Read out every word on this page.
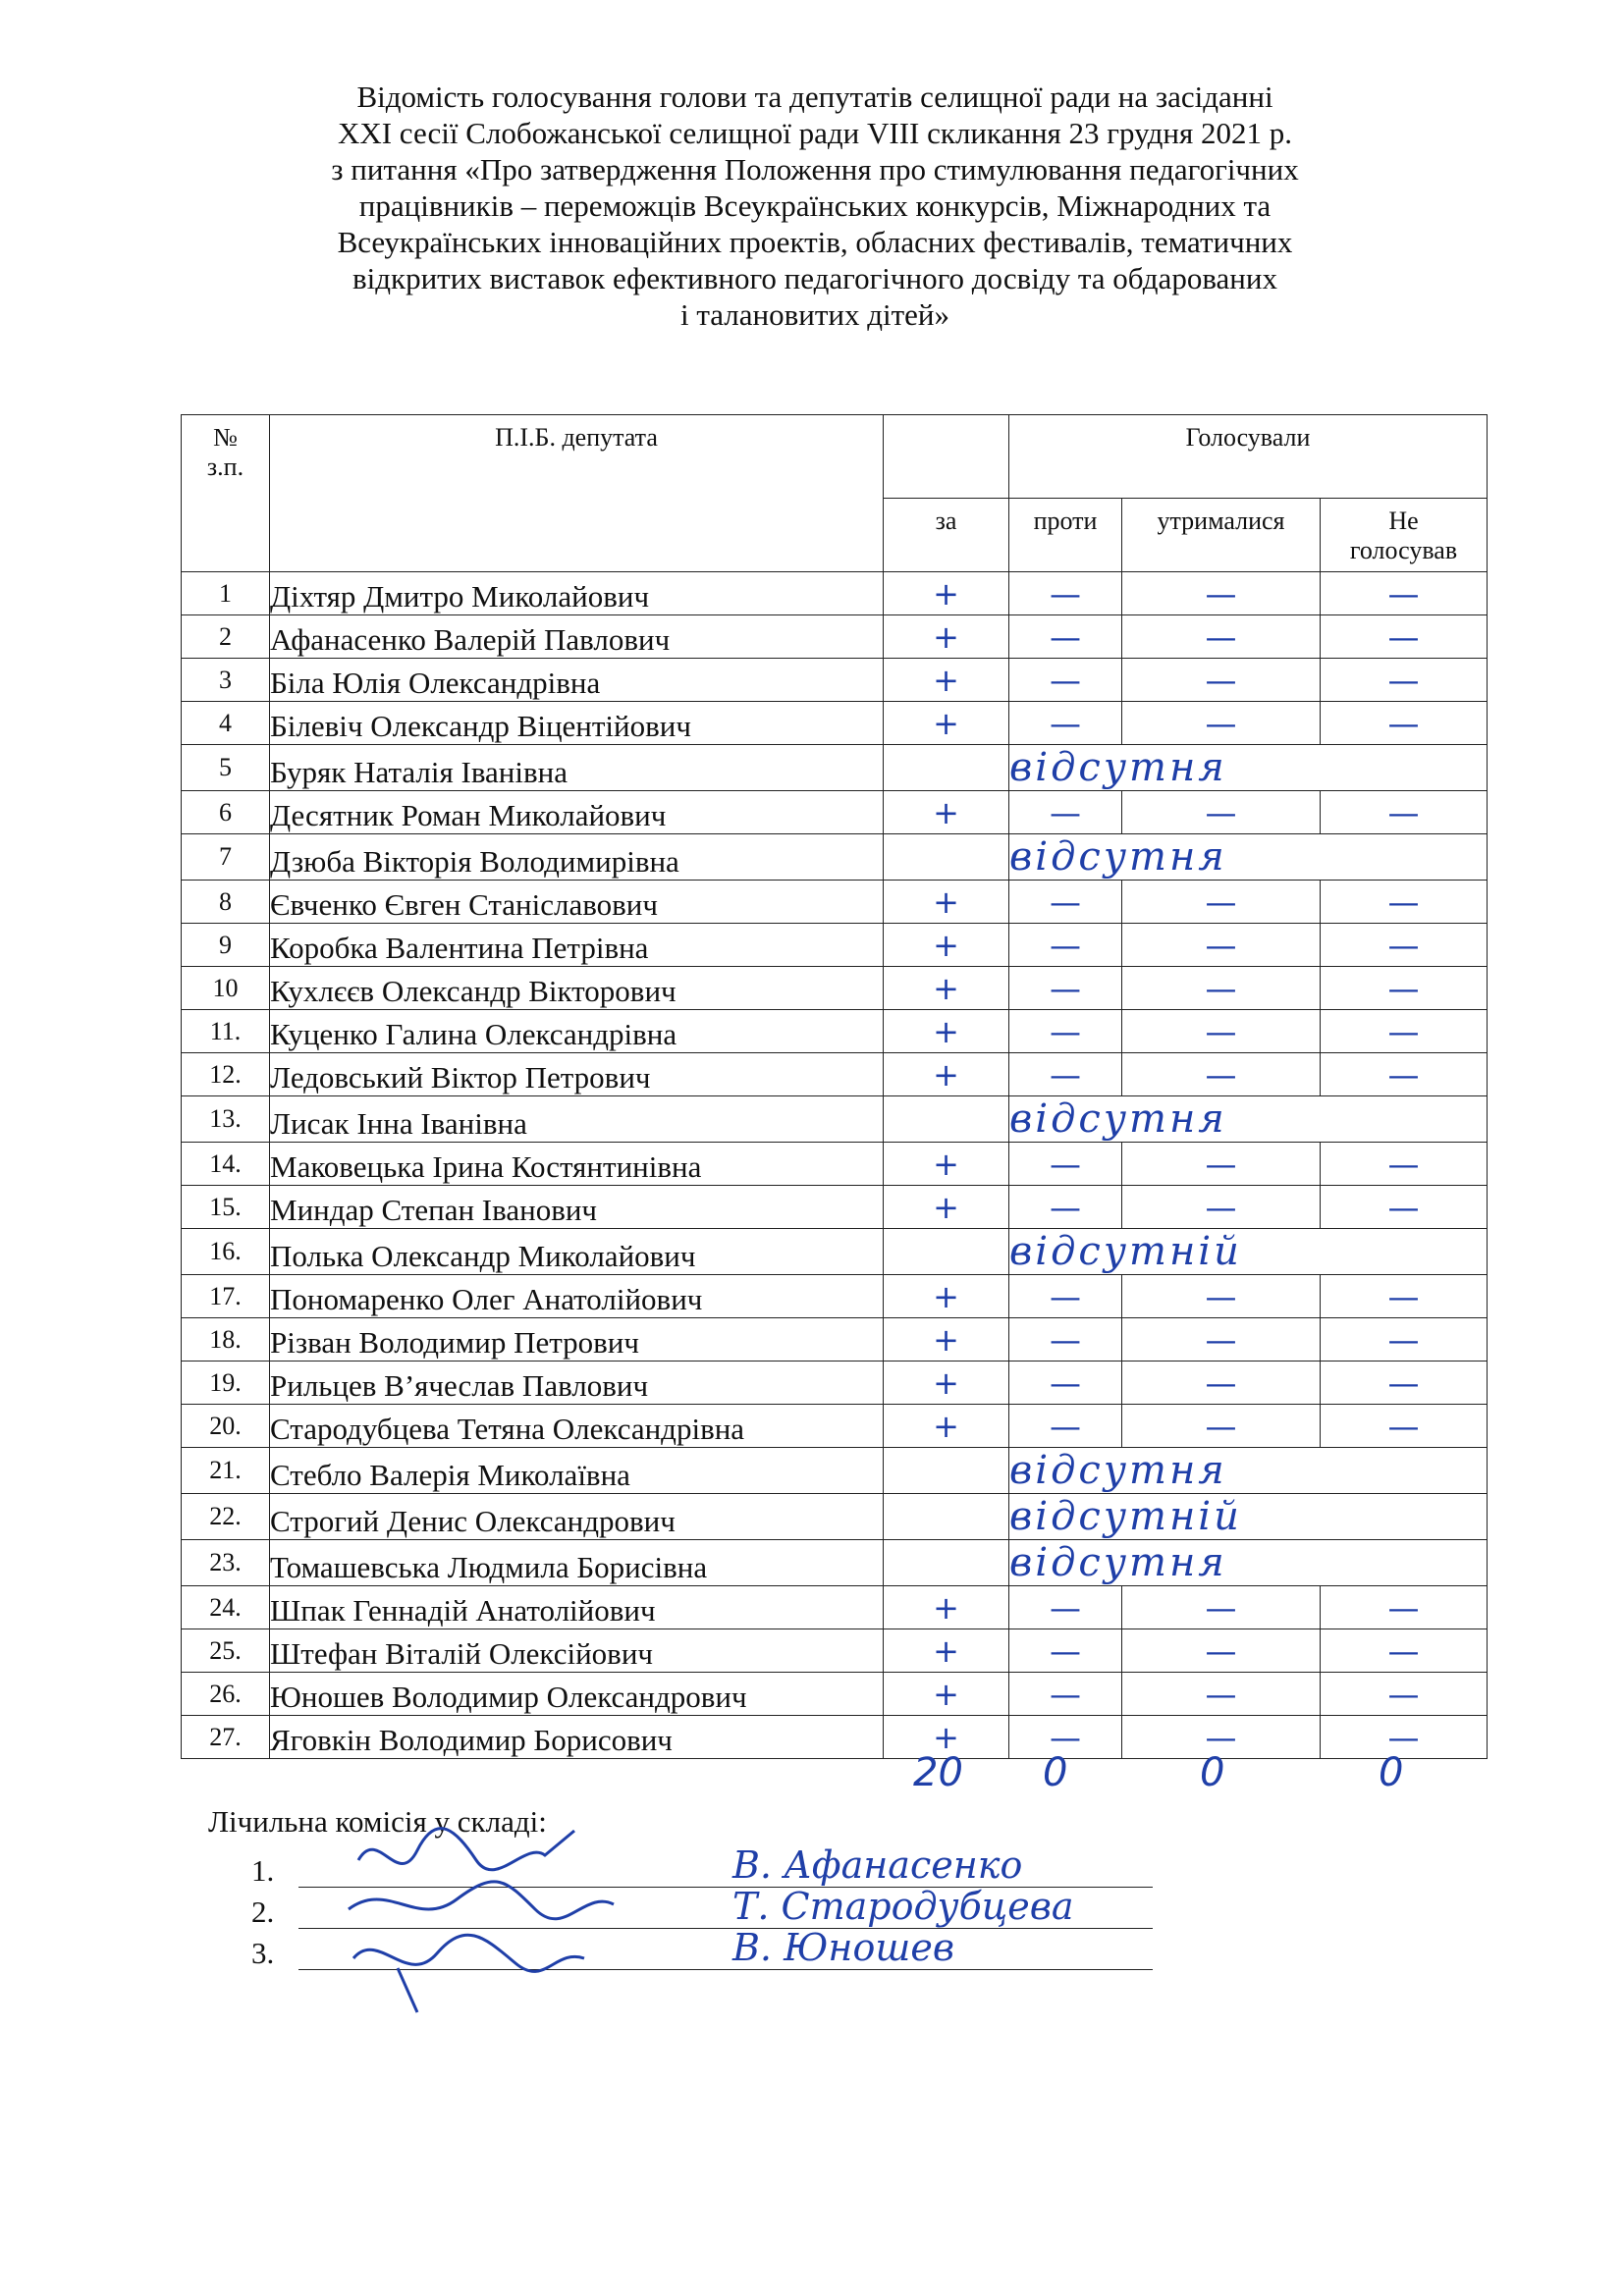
Відомість голосування голови та депутатів селищної ради на засіданні
XXI сесії Слобожанської селищної ради VIII скликання 23 грудня 2021 р.
з питання «Про затвердження Положення про стимулювання педагогічних
працівників – переможців Всеукраїнських конкурсів, Міжнародних та
Всеукраїнських інноваційних проектів, обласних фестивалів, тематичних
відкритих виставок ефективного педагогічного досвіду та обдарованих
і талановитих дітей»
№
з.п.	П.І.Б. депутата		Голосували		
		за	проти	утрималися	Не
голосував
1	Діхтяр Дмитро Миколайович	+	—	—	—
2	Афанасенко Валерій Павлович	+	—	—	—
3	Біла Юлія Олександрівна	+	—	—	—
4	Білевіч Олександр Віцентійович	+	—	—	—
5	Буряк Наталія Іванівна		відсутня		
6	Десятник Роман Миколайович	+	—	—	—
7	Дзюба Вікторія Володимирівна		відсутня		
8	Євченко Євген Станіславович	+	—	—	—
9	Коробка Валентина Петрівна	+	—	—	—
10	Кухлєєв Олександр Вікторович	+	—	—	—
11.	Куценко Галина Олександрівна	+	—	—	—
12.	Ледовський Віктор Петрович	+	—	—	—
13.	Лисак Інна Іванівна		відсутня		
14.	Маковецька Ірина Костянтинівна	+	—	—	—
15.	Миндар Степан Іванович	+	—	—	—
16.	Полька Олександр Миколайович		відсутній		
17.	Пономаренко Олег Анатолійович	+	—	—	—
18.	Різван Володимир Петрович	+	—	—	—
19.	Рильцев В’ячеслав Павлович	+	—	—	—
20.	Стародубцева Тетяна Олександрівна	+	—	—	—
21.	Стебло Валерія Миколаївна		відсутня		
22.	Строгий Денис Олександрович		відсутній		
23.	Томашевська Людмила Борисівна		відсутня		
24.	Шпак Геннадій Анатолійович	+	—	—	—
25.	Штефан Віталій Олексійович	+	—	—	—
26.	Юношев Володимир Олександрович	+	—	—	—
27.	Яговкін Володимир Борисович	+	—	—	—
20 0	0	0
Лічильна комісія у складі:
1.	В. Афанасенко
2.	Т. Стародубцева
3.	В. Юношев
